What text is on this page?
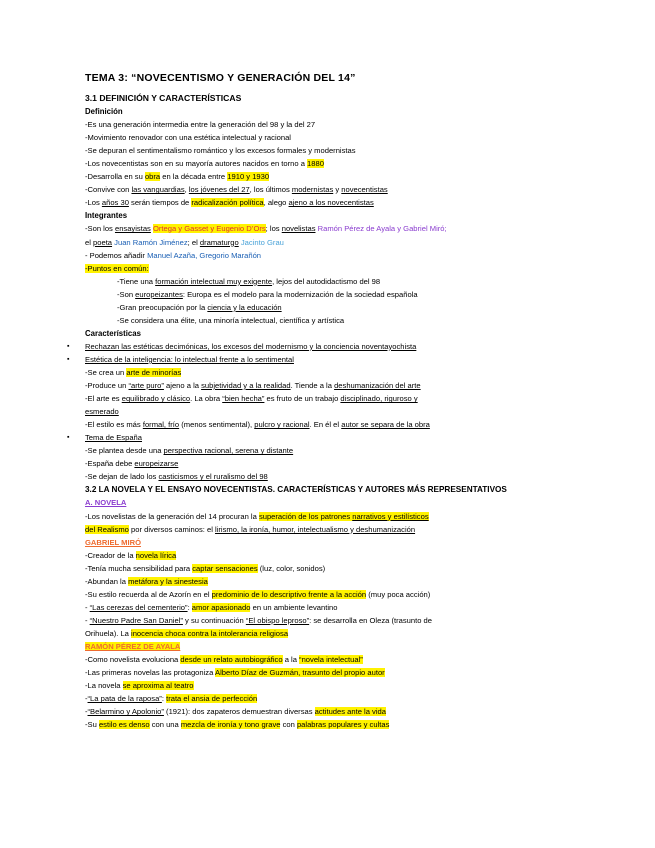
TEMA 3: “NOVECENTISMO Y GENERACIÓN DEL 14”
3.1 DEFINICIÓN Y CARACTERÍSTICAS
Definición
-Es una generación intermedia entre la generación del 98 y la del 27
-Movimiento renovador con una estética intelectual y racional
-Se depuran el sentimentalismo romántico y los excesos formales y modernistas
-Los novecentistas son en su mayoría autores nacidos en torno a 1880
-Desarrolla en su obra en la década entre 1910 y 1930
-Convive con las vanguardias, los jóvenes del 27, los últimos modernistas y novecentistas
-Los años 30 serán tiempos de radicalización política, alego ajeno a los novecentistas
Integrantes
-Son los ensayistas Ortega y Gasset y Eugenio D’Ors; los novelistas Ramón Pérez de Ayala y Gabriel Miró;
el poeta Juan Ramón Jiménez; el dramaturgo Jacinto Grau
- Podemos añadir Manuel Azaña, Gregorio Marañón
-Puntos en común:
-Tiene una formación intelectual muy exigente, lejos del autodidactismo del 98
-Son europeizantes: Europa es el modelo para la modernización de la sociedad española
-Gran preocupación por la ciencia y la educación
-Se considera una élite, una minoría intelectual, científica y artística
Características
▪ Rechazan las estéticas decimónicas, los excesos del modernismo y la conciencia noventayochista
▪ Estética de la inteligencia: lo intelectual frente a lo sentimental
-Se crea un arte de minorías
-Produce un “arte puro” ajeno a la subjetividad y a la realidad. Tiende a la deshumanización del arte
-El arte es equilibrado y clásico. La obra “bien hecha” es fruto de un trabajo disciplinado, riguroso y
esmerado
-El estilo es más formal, frío (menos sentimental), pulcro y racional. En él el autor se separa de la obra
▪ Tema de España
-Se plantea desde una perspectiva racional, serena y distante
-España debe europeizarse
-Se dejan de lado los casticismos y el ruralismo del 98
3.2 LA NOVELA Y EL ENSAYO NOVECENTISTAS. CARACTERÍSTICAS Y AUTORES MÁS REPRESENTATIVOS
A. NOVELA
-Los novelistas de la generación del 14 procuran la superación de los patrones narrativos y estilísticos
del Realismo por diversos caminos: el lirismo, la ironía, humor, intelectualismo y deshumanización
GABRIEL MIRÓ
-Creador de la novela lírica
-Tenía mucha sensibilidad para captar sensaciones (luz, color, sonidos)
-Abundan la metáfora y la sinestesia
-Su estilo recuerda al de Azorín en el predominio de lo descriptivo frente a la acción (muy poca acción)
- “Las cerezas del cementerio”: amor apasionado en un ambiente levantino
- “Nuestro Padre San Daniel” y su continuación “El obispo leproso”: se desarrolla en Oleza (trasunto de
Orihuela). La inocencia choca contra la intolerancia religiosa
RAMÓN PÉREZ DE AYALA
-Como novelista evoluciona desde un relato autobiográfico a la “novela intelectual”
-Las primeras novelas las protagoniza Alberto Díaz de Guzmán, trasunto del propio autor
-La novela se aproxima al teatro
-“La pata de la raposa”: trata el ansia de perfección
-“Belarmino y Apolonio” (1921): dos zapateros demuestran diversas actitudes ante la vida
-Su estilo es denso con una mezcla de ironía y tono grave con palabras populares y cultas
